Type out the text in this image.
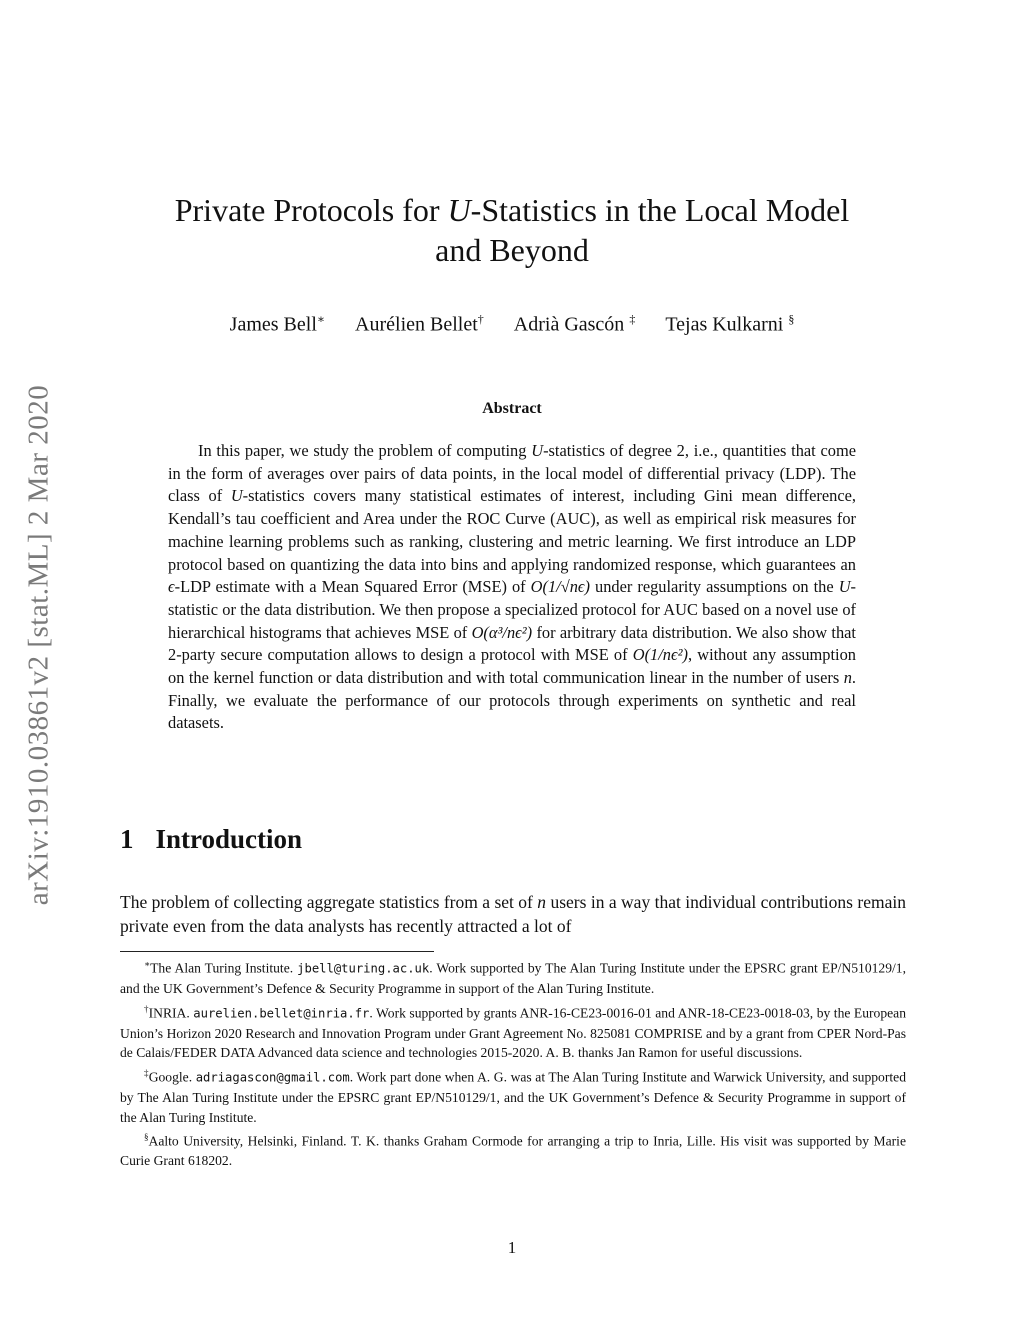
arXiv:1910.03861v2 [stat.ML] 2 Mar 2020
Private Protocols for U-Statistics in the Local Model
and Beyond
James Bell∗ Aurélien Bellet† Adrià Gascón ‡ Tejas Kulkarni §
Abstract

In this paper, we study the problem of computing U-statistics of degree 2, i.e., quantities that come in the form of averages over pairs of data points, in the local model of differential privacy (LDP). The class of U-statistics covers many statistical estimates of interest, including Gini mean difference, Kendall’s tau coefficient and Area under the ROC Curve (AUC), as well as empirical risk measures for machine learning problems such as ranking, clustering and metric learning. We first introduce an LDP protocol based on quantizing the data into bins and applying randomized response, which guarantees an ϵ-LDP estimate with a Mean Squared Error (MSE) of O(1/√nϵ) under regularity assumptions on the U-statistic or the data distribution. We then propose a specialized protocol for AUC based on a novel use of hierarchical histograms that achieves MSE of O(α³/nϵ²) for arbitrary data distribution. We also show that 2-party secure computation allows to design a protocol with MSE of O(1/nϵ²), without any assumption on the kernel function or data distribution and with total communication linear in the number of users n. Finally, we evaluate the performance of our protocols through experiments on synthetic and real datasets.

1 Introduction

The problem of collecting aggregate statistics from a set of n users in a way that individual contributions remain private even from the data analysts has recently attracted a lot of

∗The Alan Turing Institute. jbell@turing.ac.uk. Work supported by The Alan Turing Institute under the EPSRC grant EP/N510129/1, and the UK Government’s Defence & Security Programme in support of the Alan Turing Institute.

†INRIA. aurelien.bellet@inria.fr. Work supported by grants ANR-16-CE23-0016-01 and ANR-18-CE23-0018-03, by the European Union’s Horizon 2020 Research and Innovation Program under Grant Agreement No. 825081 COMPRISE and by a grant from CPER Nord-Pas de Calais/FEDER DATA Advanced data science and technologies 2015-2020. A. B. thanks Jan Ramon for useful discussions.

‡Google. adriagascon@gmail.com. Work part done when A. G. was at The Alan Turing Institute and Warwick University, and supported by The Alan Turing Institute under the EPSRC grant EP/N510129/1, and the UK Government’s Defence & Security Programme in support of the Alan Turing Institute.

§Aalto University, Helsinki, Finland. T. K. thanks Graham Cormode for arranging a trip to Inria, Lille. His visit was supported by Marie Curie Grant 618202.

1
